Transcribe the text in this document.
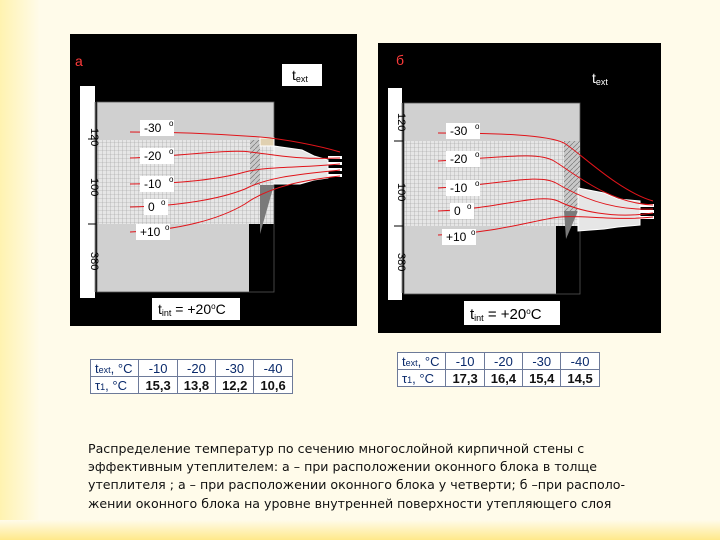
-30 o
-20 o
-10 o
0 o
+10 o
text
tint = $+20^oC$
120
100
380
а
-30 o
-20 o
-10 o
0 o
+10 o
text
tint = $+20^oC$
120
100
380
б
text, °C	-10	-20	-30	-40
τ1, °C	15,3	13,8	12,2	10,6
text, °C	-10	-20	-30	-40
τ1, °C	17,3	16,4	15,4	14,5
Распределение температур по сечению многослойной кирпичной стены с
эффективным утеплителем: а – при расположении оконного блока в толще
утеплителя ; а – при расположении оконного блока у четверти; б –при располо-
жении оконного блока на уровне внутренней поверхности утепляющего слоя
